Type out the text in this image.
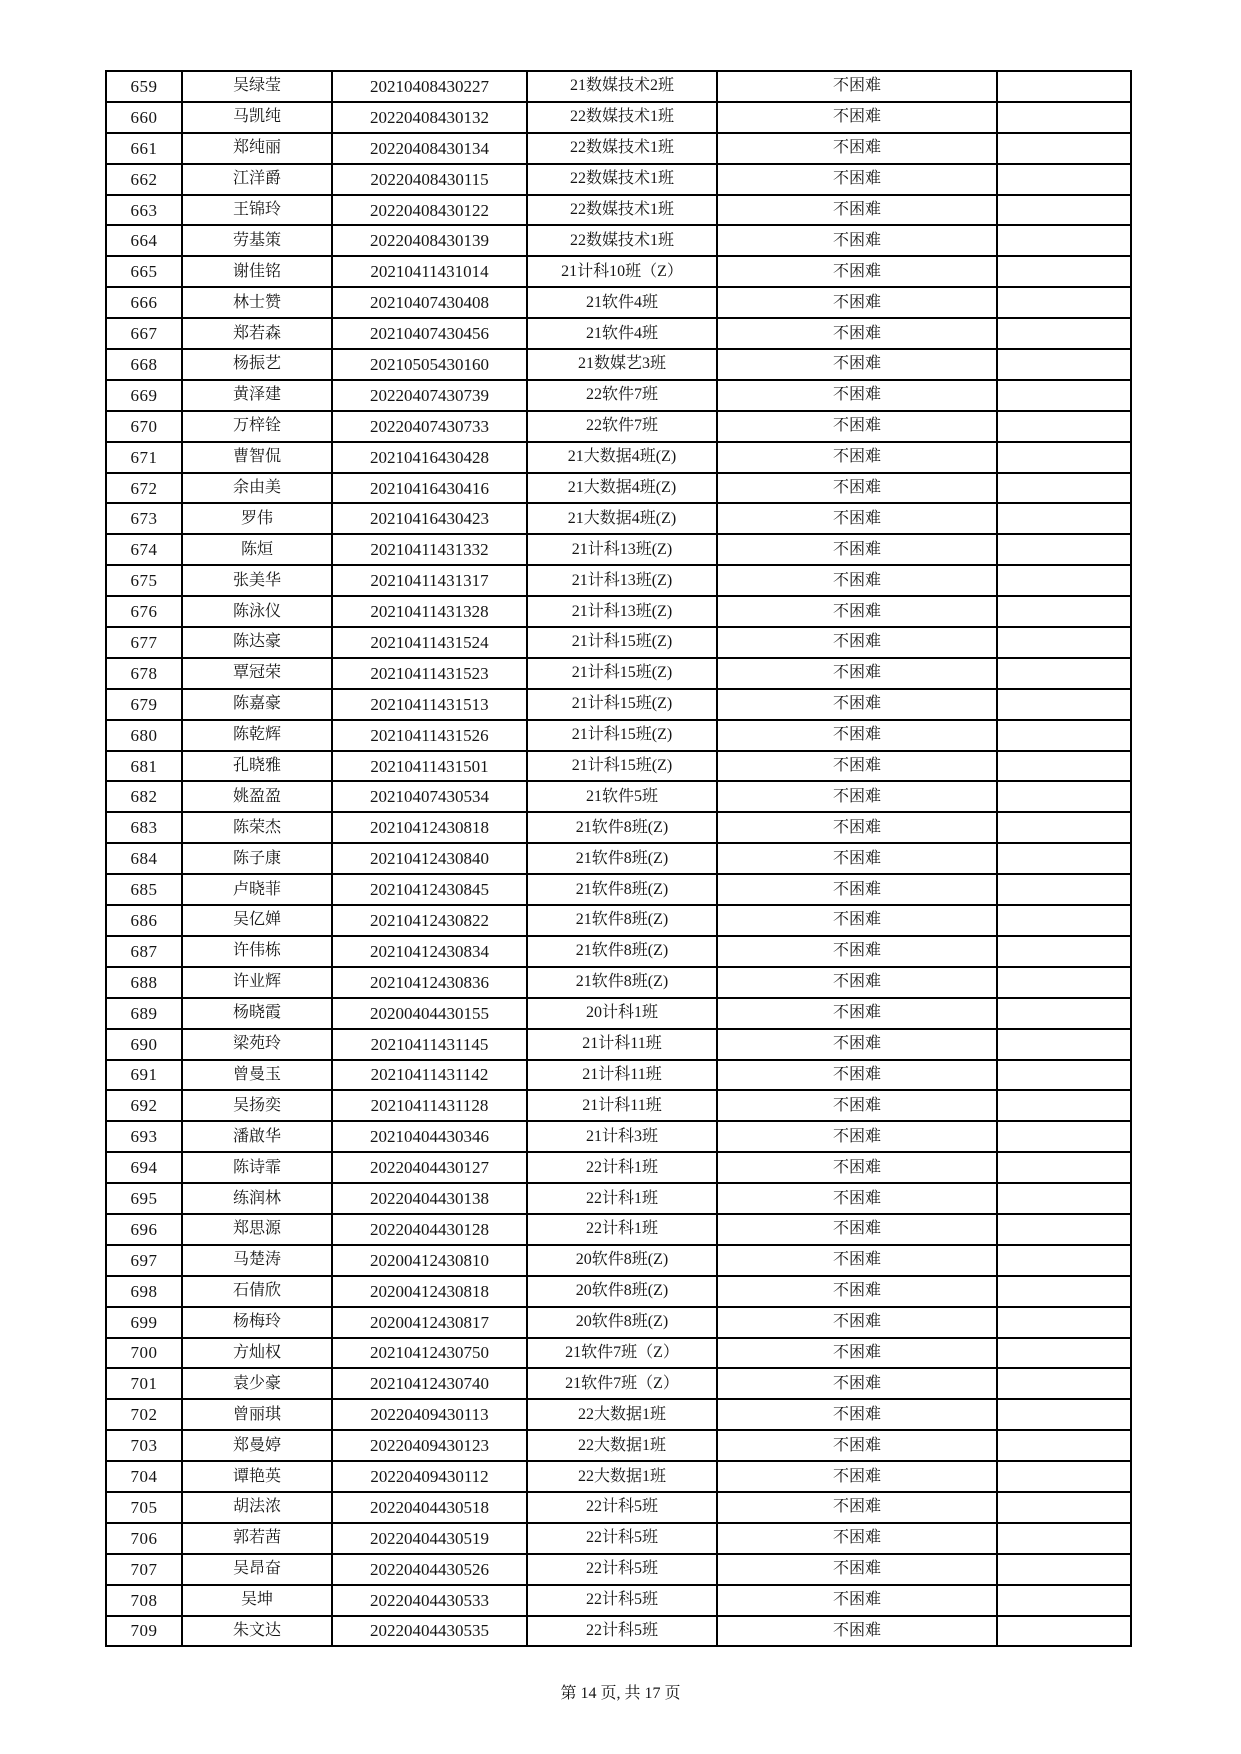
659	吴绿莹	20210408430227	21数媒技术2班	不困难	
660	马凯纯	20220408430132	22数媒技术1班	不困难	
661	郑纯丽	20220408430134	22数媒技术1班	不困难	
662	江洋爵	20220408430115	22数媒技术1班	不困难	
663	王锦玲	20220408430122	22数媒技术1班	不困难	
664	劳基策	20220408430139	22数媒技术1班	不困难	
665	谢佳铭	20210411431014	21计科10班（Z）	不困难	
666	林士赞	20210407430408	21软件4班	不困难	
667	郑若森	20210407430456	21软件4班	不困难	
668	杨振艺	20210505430160	21数媒艺3班	不困难	
669	黄泽建	20220407430739	22软件7班	不困难	
670	万梓铨	20220407430733	22软件7班	不困难	
671	曹智侃	20210416430428	21大数据4班(Z)	不困难	
672	余由美	20210416430416	21大数据4班(Z)	不困难	
673	罗伟	20210416430423	21大数据4班(Z)	不困难	
674	陈烜	20210411431332	21计科13班(Z)	不困难	
675	张美华	20210411431317	21计科13班(Z)	不困难	
676	陈泳仪	20210411431328	21计科13班(Z)	不困难	
677	陈达豪	20210411431524	21计科15班(Z)	不困难	
678	覃冠荣	20210411431523	21计科15班(Z)	不困难	
679	陈嘉豪	20210411431513	21计科15班(Z)	不困难	
680	陈乾辉	20210411431526	21计科15班(Z)	不困难	
681	孔晓雅	20210411431501	21计科15班(Z)	不困难	
682	姚盈盈	20210407430534	21软件5班	不困难	
683	陈荣杰	20210412430818	21软件8班(Z)	不困难	
684	陈子康	20210412430840	21软件8班(Z)	不困难	
685	卢晓菲	20210412430845	21软件8班(Z)	不困难	
686	吴亿婵	20210412430822	21软件8班(Z)	不困难	
687	许伟栋	20210412430834	21软件8班(Z)	不困难	
688	许业辉	20210412430836	21软件8班(Z)	不困难	
689	杨晓霞	20200404430155	20计科1班	不困难	
690	梁苑玲	20210411431145	21计科11班	不困难	
691	曾曼玉	20210411431142	21计科11班	不困难	
692	吴扬奕	20210411431128	21计科11班	不困难	
693	潘啟华	20210404430346	21计科3班	不困难	
694	陈诗霏	20220404430127	22计科1班	不困难	
695	练润林	20220404430138	22计科1班	不困难	
696	郑思源	20220404430128	22计科1班	不困难	
697	马楚涛	20200412430810	20软件8班(Z)	不困难	
698	石倩欣	20200412430818	20软件8班(Z)	不困难	
699	杨梅玲	20200412430817	20软件8班(Z)	不困难	
700	方灿权	20210412430750	21软件7班（Z）	不困难	
701	袁少豪	20210412430740	21软件7班（Z）	不困难	
702	曾丽琪	20220409430113	22大数据1班	不困难	
703	郑曼婷	20220409430123	22大数据1班	不困难	
704	谭艳英	20220409430112	22大数据1班	不困难	
705	胡法浓	20220404430518	22计科5班	不困难	
706	郭若茜	20220404430519	22计科5班	不困难	
707	吴昂奋	20220404430526	22计科5班	不困难	
708	吴坤	20220404430533	22计科5班	不困难	
709	朱文达	20220404430535	22计科5班	不困难	
第 14 页, 共 17 页
